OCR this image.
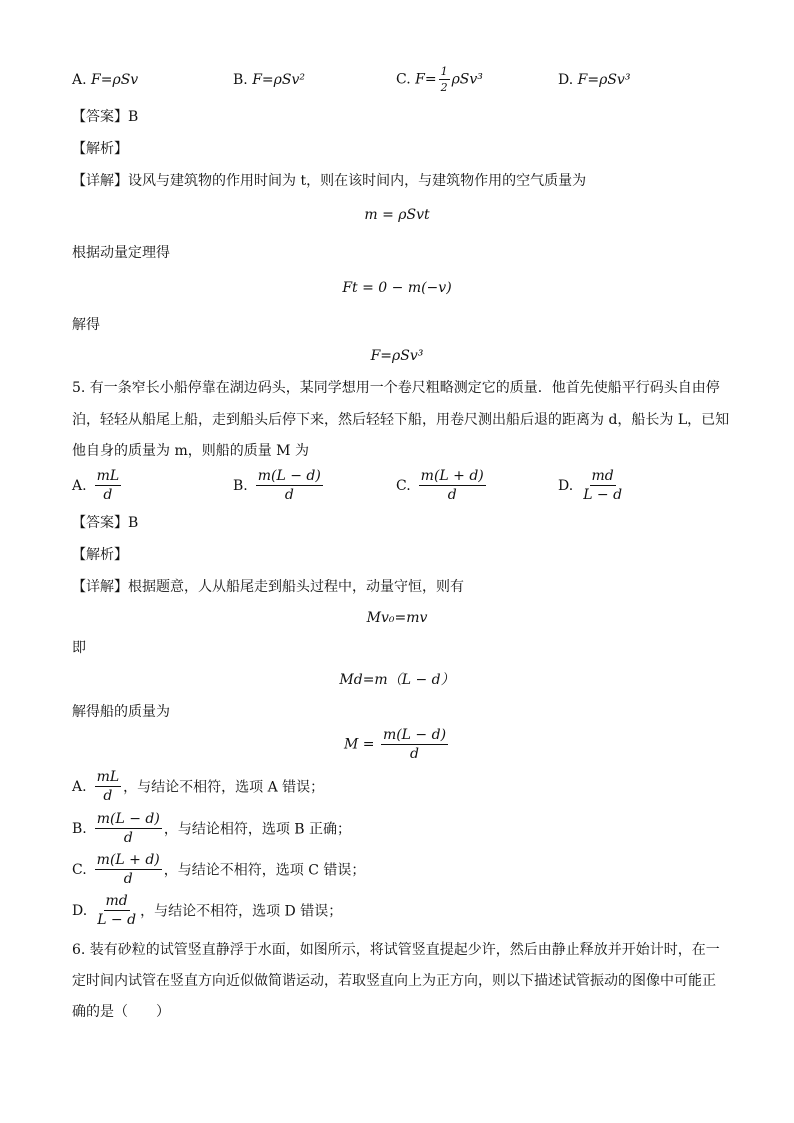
A. F=ρSv	B. F=ρSv²	C. $F= \frac{1}{2} \rho Sv^3$	D. F=ρSv³
【答案】B
【解析】
【详解】设风与建筑物的作用时间为 t，则在该时间内，与建筑物作用的空气质量为
m = ρSvt
根据动量定理得
Ft = 0 − m(−v)
解得
F=ρSv³
5. 有一条窄长小船停靠在湖边码头，某同学想用一个卷尺粗略测定它的质量．他首先使船平行码头自由停
泊，轻轻从船尾上船，走到船头后停下来，然后轻轻下船，用卷尺测出船后退的距离为 d，船长为 L，已知
他自身的质量为 m，则船的质量 M 为
A. $\frac{mL}{d}$	B. $\frac{m(L - d)}{d}$	C. $\frac{m(L + d)}{d}$	D. $\frac{md}{L - d}$
【答案】B
【解析】
【详解】根据题意，人从船尾走到船头过程中，动量守恒，则有
Mv₀=mv
即
Md=m（L − d）
解得船的质量为
$M = \frac{m(L - d)}{d}$
A. $\frac{mL}{d}$ ，与结论不相符，选项 A 错误；
B. $\frac{m(L - d)}{d}$ ，与结论相符，选项 B 正确；
C. $\frac{m(L + d)}{d}$ ，与结论不相符，选项 C 错误；
D. $\frac{md}{L - d}$ ，与结论不相符，选项 D 错误；
6. 装有砂粒的试管竖直静浮于水面，如图所示，将试管竖直提起少许，然后由静止释放并开始计时，在一
定时间内试管在竖直方向近似做简谐运动，若取竖直向上为正方向，则以下描述试管振动的图像中可能正
确的是（　　）
